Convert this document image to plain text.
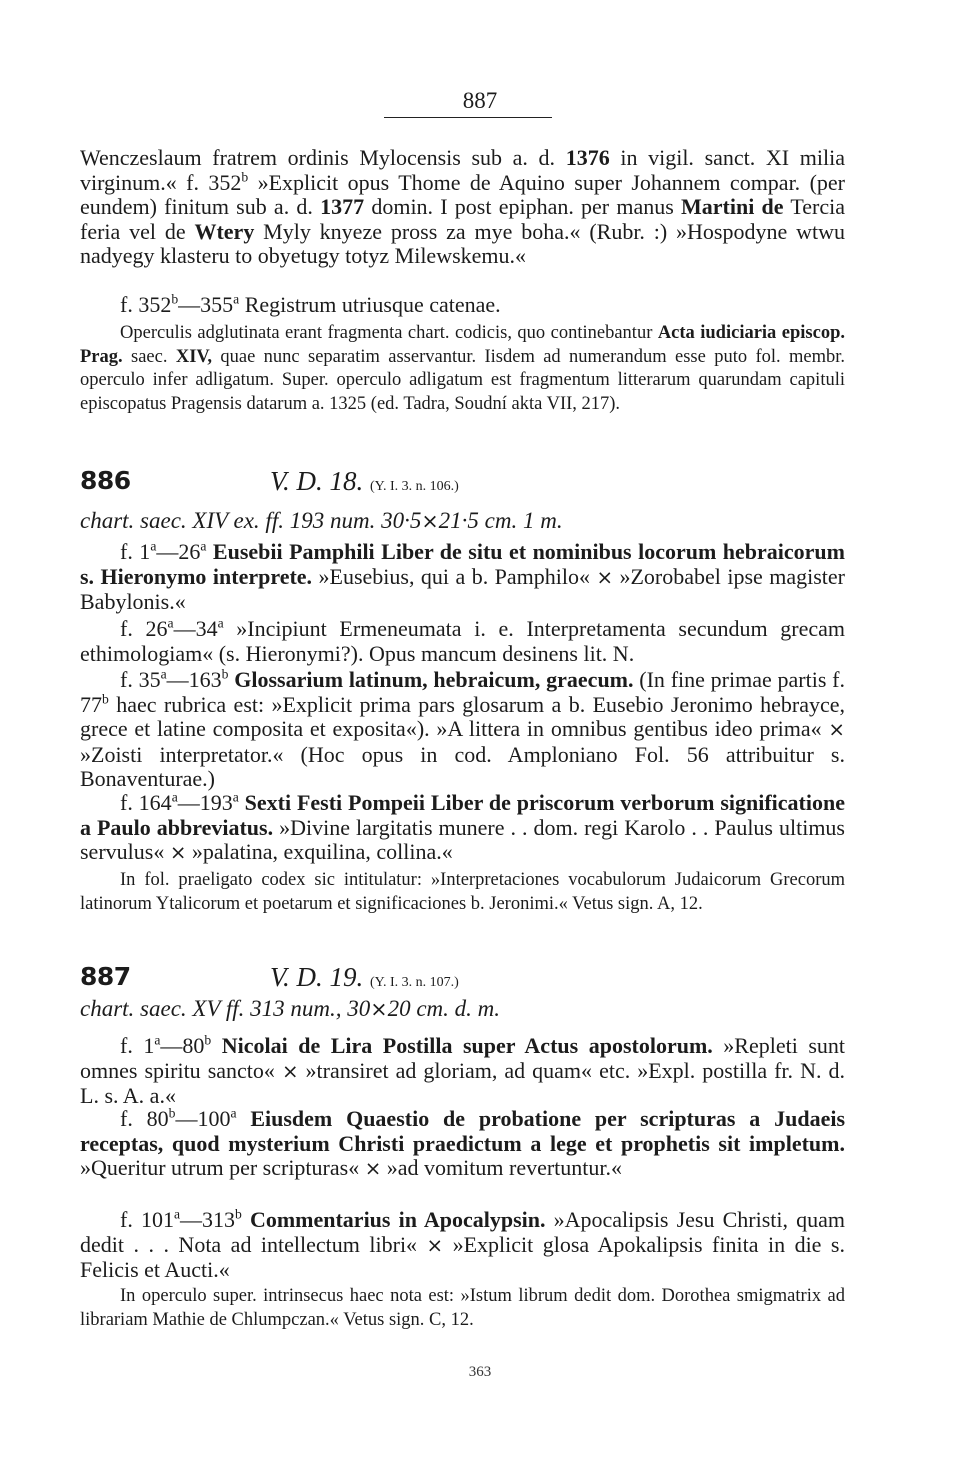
887

Wenczeslaum fratrem ordinis Mylocensis sub a. d. 1376 in vigil. sanct. XI milia virginum.« f. 352$^b$ »Explicit opus Thome de Aquino super Johannem compar. (per eundem) finitum sub a. d. 1377 domin. I post epiphan. per manus Martini de Tercia feria vel de Wtery Myly knyeze pross za mye boha.« (Rubr. :) »Hospodyne wtwu nadyegy klasteru to obyetugy totyz Milewskemu.«

f. 352$^b$—355$^a$ Registrum utriusque catenae.
Operculis adglutinata erant fragmenta chart. codicis, quo continebantur Acta iudiciaria episcop. Prag. saec. XIV, quae nunc separatim asservantur. Iisdem ad numerandum esse puto fol. membr. operculo infer adligatum. Super. operculo adligatum est fragmentum litterarum quarundam capituli episcopatus Pragensis datarum a. 1325 (ed. Tadra, Soudní akta VII, 217).
886	V. D. 18. (Y. I. 3. n. 106.)
chart. saec. XIV ex. ff. 193 num. 30·5×21·5 cm. 1 m.
f. 1$^a$—26$^a$ Eusebii Pamphili Liber de situ et nominibus locorum hebraicorum s. Hieronymo interprete. »Eusebius, qui a b. Pamphilo« × »Zorobabel ipse magister Babylonis.«
f. 26$^a$—34$^a$ »Incipiunt Ermeneumata i. e. Interpretamenta secundum grecam ethimologiam« (s. Hieronymi?). Opus mancum desinens lit. N.
f. 35$^a$—163$^b$ Glossarium latinum, hebraicum, graecum. (In fine primae partis f. 77$^b$ haec rubrica est: »Explicit prima pars glosarum a b. Eusebio Jeronimo hebrayce, grece et latine composita et exposita«). »A littera in omnibus gentibus ideo prima« × »Zoisti interpretator.« (Hoc opus in cod. Amploniano Fol. 56 attribuitur s. Bonaventurae.)
f. 164$^a$—193$^a$ Sexti Festi Pompeii Liber de priscorum verborum significatione a Paulo abbreviatus. »Divine largitatis munere . . dom. regi Karolo . . Paulus ultimus servulus« × »palatina, exquilina, collina.«
In fol. praeligato codex sic intitulatur: »Interpretaciones vocabulorum Judaicorum Grecorum latinorum Ytalicorum et poetarum et significaciones b. Jeronimi.« Vetus sign. A, 12.
887	V. D. 19. (Y. I. 3. n. 107.)
chart. saec. XV ff. 313 num., 30×20 cm. d. m.
f. 1$^a$—80$^b$ Nicolai de Lira Postilla super Actus apostolorum. »Repleti sunt omnes spiritu sancto« × »transiret ad gloriam, ad quam« etc. »Expl. postilla fr. N. d. L. s. A. a.«
f. 80$^b$—100$^a$ Eiusdem Quaestio de probatione per scripturas a Judaeis receptas, quod mysterium Christi praedictum a lege et prophetis sit impletum. »Queritur utrum per scripturas« × »ad vomitum revertuntur.«
f. 101$^a$—313$^b$ Commentarius in Apocalypsin. »Apocalipsis Jesu Christi, quam dedit . . . Nota ad intellectum libri« × »Explicit glosa Apokalipsis finita in die s. Felicis et Aucti.«
In operculo super. intrinsecus haec nota est: »Istum librum dedit dom. Dorothea smigmatrix ad librariam Mathie de Chlumpczan.« Vetus sign. C, 12.
363
